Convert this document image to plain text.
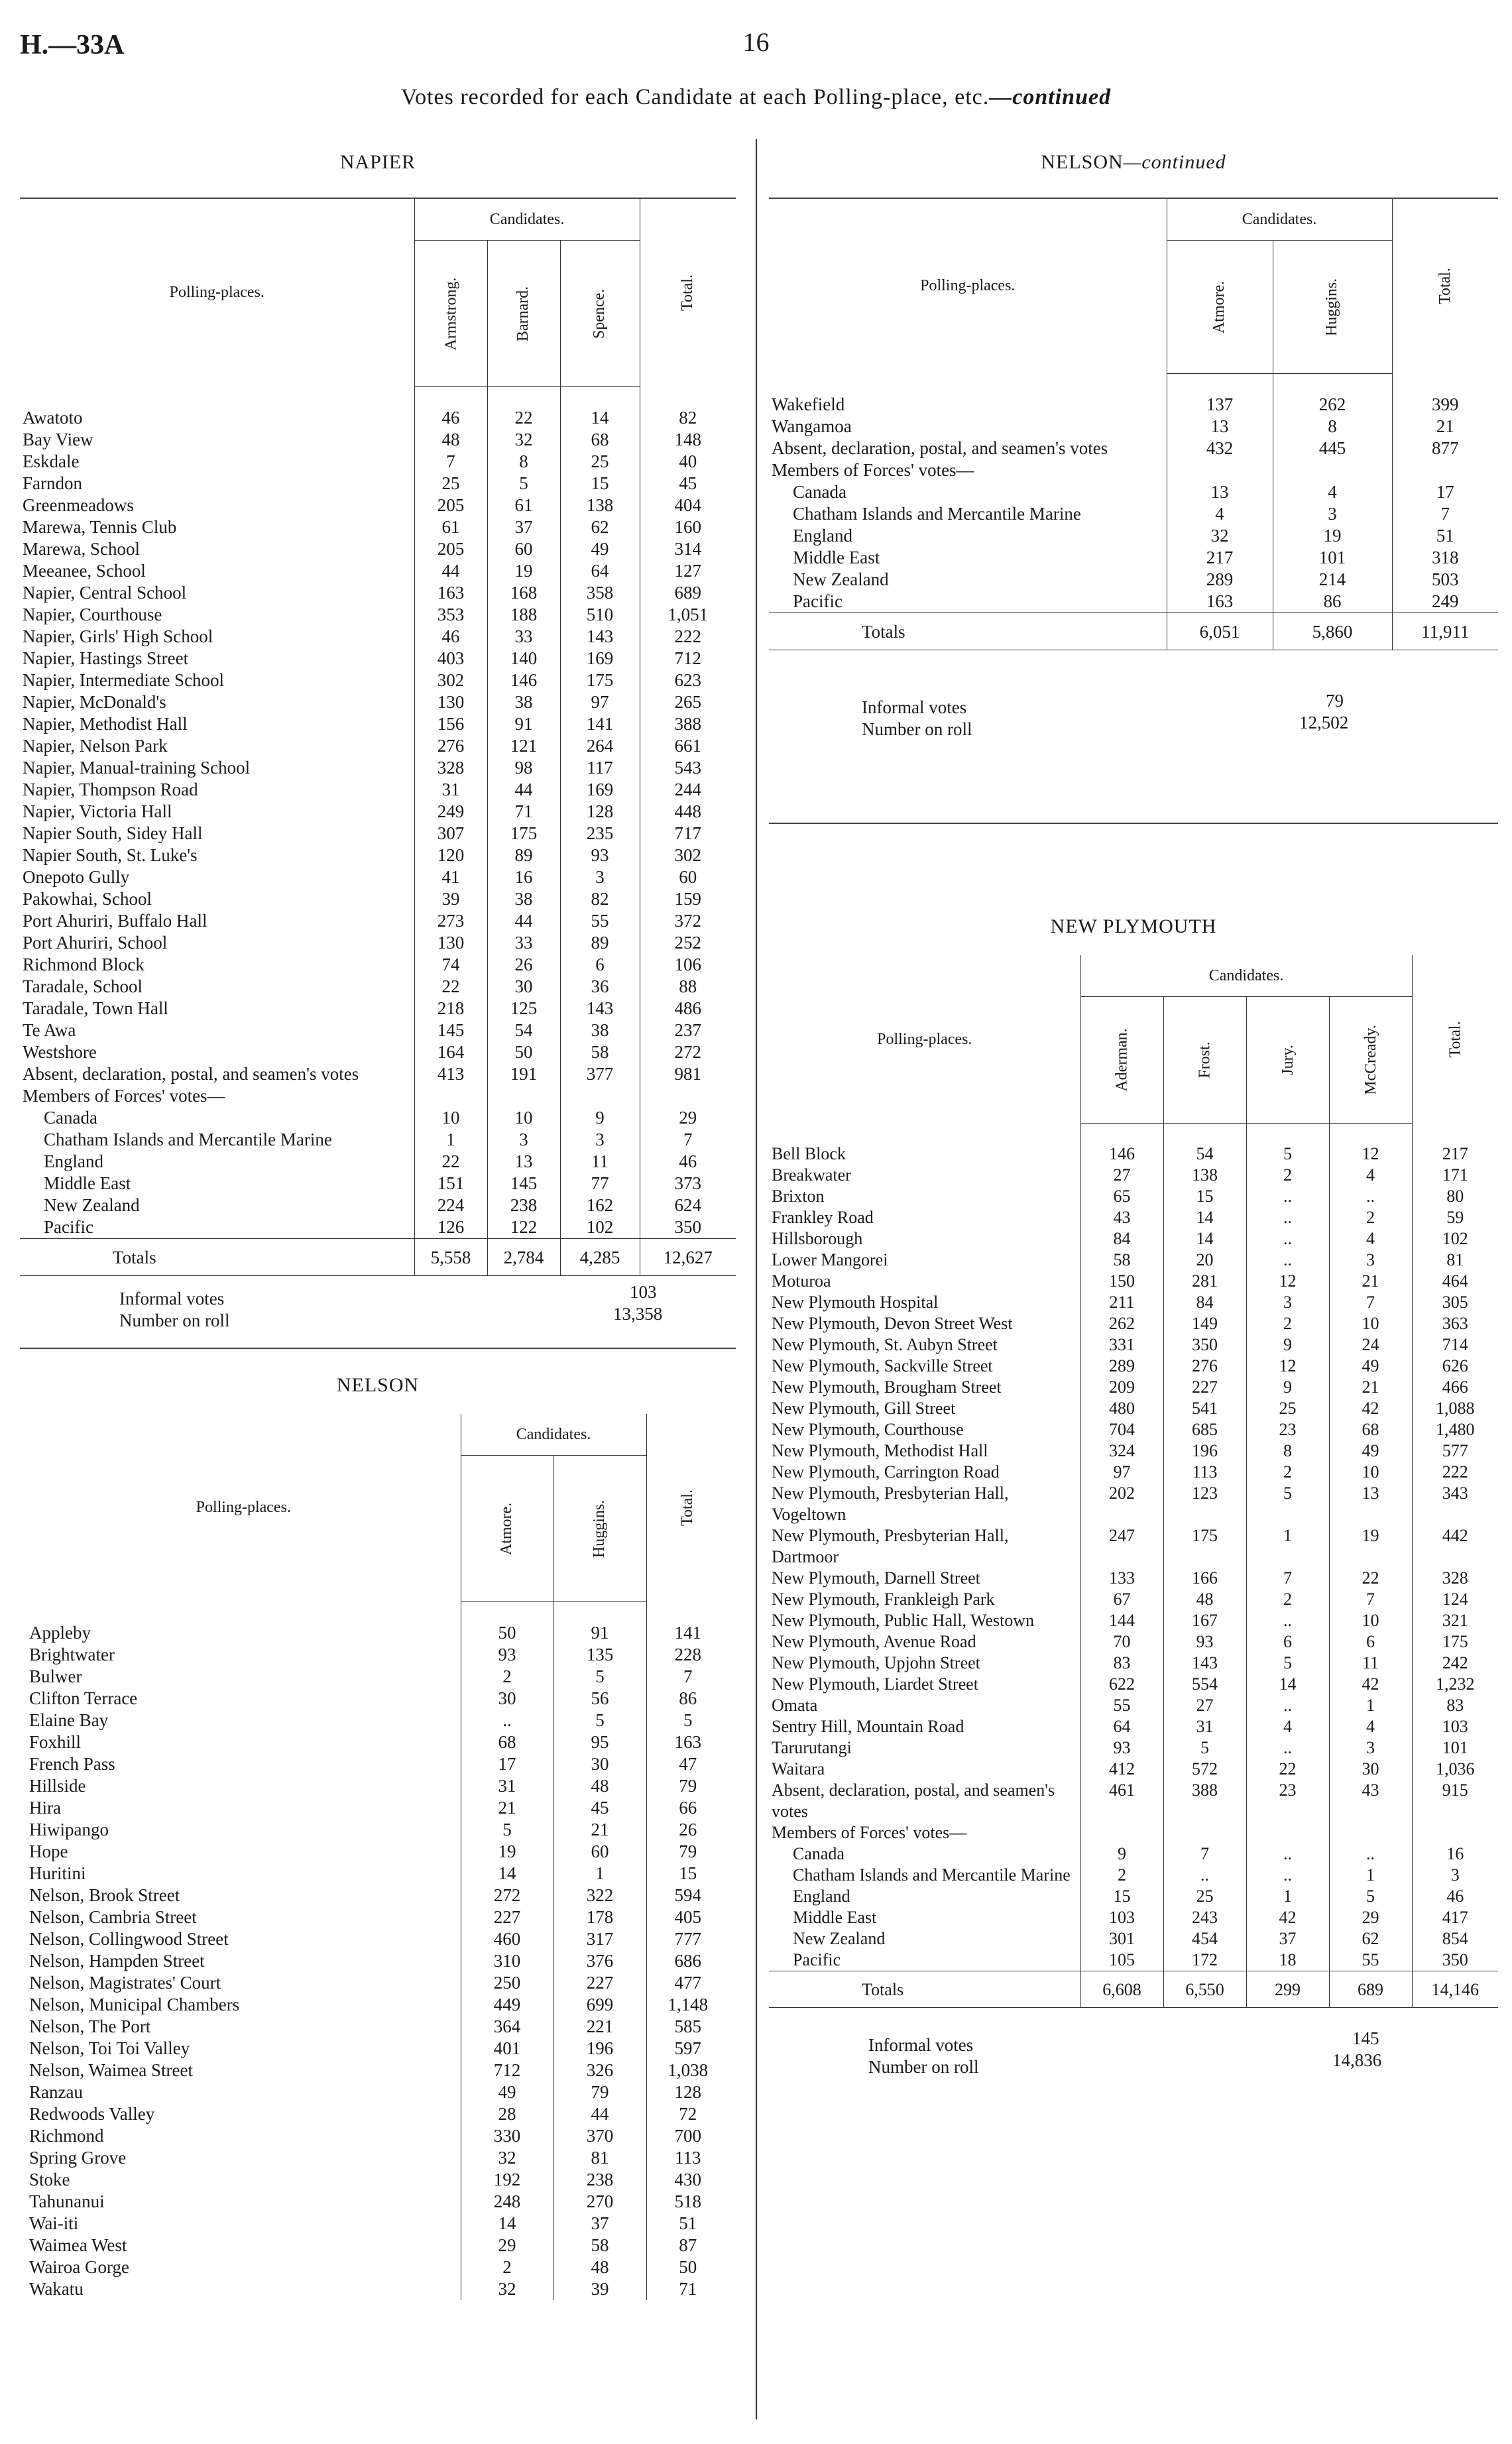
H.—33A	16
Votes recorded for each Candidate at each Polling-place, etc.—continued
NAPIER
Polling-places.	Candidates.			Total.
	Armstrong.	Barnard.	Spence.	
Awatoto	46	22	14	82
Bay View	48	32	68	148
Eskdale	7	8	25	40
Farndon	25	5	15	45
Greenmeadows	205	61	138	404
Marewa, Tennis Club	61	37	62	160
Marewa, School	205	60	49	314
Meeanee, School	44	19	64	127
Napier, Central School	163	168	358	689
Napier, Courthouse	353	188	510	1,051
Napier, Girls' High School	46	33	143	222
Napier, Hastings Street	403	140	169	712
Napier, Intermediate School	302	146	175	623
Napier, McDonald's	130	38	97	265
Napier, Methodist Hall	156	91	141	388
Napier, Nelson Park	276	121	264	661
Napier, Manual-training School	328	98	117	543
Napier, Thompson Road	31	44	169	244
Napier, Victoria Hall	249	71	128	448
Napier South, Sidey Hall	307	175	235	717
Napier South, St. Luke's	120	89	93	302
Onepoto Gully	41	16	3	60
Pakowhai, School	39	38	82	159
Port Ahuriri, Buffalo Hall	273	44	55	372
Port Ahuriri, School	130	33	89	252
Richmond Block	74	26	6	106
Taradale, School	22	30	36	88
Taradale, Town Hall	218	125	143	486
Te Awa	145	54	38	237
Westshore	164	50	58	272
Absent, declaration, postal, and seamen's votes	413	191	377	981
Members of Forces' votes—				
Canada	10	10	9	29
Chatham Islands and Mercantile Marine	1	3	3	7
England	22	13	11	46
Middle East	151	145	77	373
New Zealand	224	238	162	624
Pacific	126	122	102	350
Totals	5,558	2,784	4,285	12,627
Informal votes	103
Number on roll	13,358
NELSON
Polling-places.	Candidates.		Total.
	Atmore.	Huggins.	
Appleby	50	91	141
Brightwater	93	135	228
Bulwer	2	5	7
Clifton Terrace	30	56	86
Elaine Bay	..	5	5
Foxhill	68	95	163
French Pass	17	30	47
Hillside	31	48	79
Hira	21	45	66
Hiwipango	5	21	26
Hope	19	60	79
Huritini	14	1	15
Nelson, Brook Street	272	322	594
Nelson, Cambria Street	227	178	405
Nelson, Collingwood Street	460	317	777
Nelson, Hampden Street	310	376	686
Nelson, Magistrates' Court	250	227	477
Nelson, Municipal Chambers	449	699	1,148
Nelson, The Port	364	221	585
Nelson, Toi Toi Valley	401	196	597
Nelson, Waimea Street	712	326	1,038
Ranzau	49	79	128
Redwoods Valley	28	44	72
Richmond	330	370	700
Spring Grove	32	81	113
Stoke	192	238	430
Tahunanui	248	270	518
Wai-iti	14	37	51
Waimea West	29	58	87
Wairoa Gorge	2	48	50
Wakatu	32	39	71
NELSON—continued
Polling-places.	Candidates.		Total.
	Atmore.	Huggins.	
Wakefield	137	262	399
Wangamoa	13	8	21
Absent, declaration, postal, and seamen's votes	432	445	877
Members of Forces' votes—			
Canada	13	4	17
Chatham Islands and Mercantile Marine	4	3	7
England	32	19	51
Middle East	217	101	318
New Zealand	289	214	503
Pacific	163	86	249
Totals	6,051	5,860	11,911
Informal votes	79
Number on roll	12,502
NEW PLYMOUTH
Polling-places.	Candidates.				Total.
	Aderman.	Frost.	Jury.	McCready.	
Bell Block	146	54	5	12	217
Breakwater	27	138	2	4	171
Brixton	65	15	..	..	80
Frankley Road	43	14	..	2	59
Hillsborough	84	14	..	4	102
Lower Mangorei	58	20	..	3	81
Moturoa	150	281	12	21	464
New Plymouth Hospital	211	84	3	7	305
New Plymouth, Devon Street West	262	149	2	10	363
New Plymouth, St. Aubyn Street	331	350	9	24	714
New Plymouth, Sackville Street	289	276	12	49	626
New Plymouth, Brougham Street	209	227	9	21	466
New Plymouth, Gill Street	480	541	25	42	1,088
New Plymouth, Courthouse	704	685	23	68	1,480
New Plymouth, Methodist Hall	324	196	8	49	577
New Plymouth, Carrington Road	97	113	2	10	222
New Plymouth, Presbyterian Hall, Vogeltown	202	123	5	13	343
New Plymouth, Presbyterian Hall, Dartmoor	247	175	1	19	442
New Plymouth, Darnell Street	133	166	7	22	328
New Plymouth, Frankleigh Park	67	48	2	7	124
New Plymouth, Public Hall, Westown	144	167	..	10	321
New Plymouth, Avenue Road	70	93	6	6	175
New Plymouth, Upjohn Street	83	143	5	11	242
New Plymouth, Liardet Street	622	554	14	42	1,232
Omata	55	27	..	1	83
Sentry Hill, Mountain Road	64	31	4	4	103
Tarurutangi	93	5	..	3	101
Waitara	412	572	22	30	1,036
Absent, declaration, postal, and seamen's votes	461	388	23	43	915
Members of Forces' votes—					
Canada	9	7	..	..	16
Chatham Islands and Mercantile Marine	2	..	..	1	3
England	15	25	1	5	46
Middle East	103	243	42	29	417
New Zealand	301	454	37	62	854
Pacific	105	172	18	55	350
Totals	6,608	6,550	299	689	14,146
Informal votes	145
Number on roll	14,836
